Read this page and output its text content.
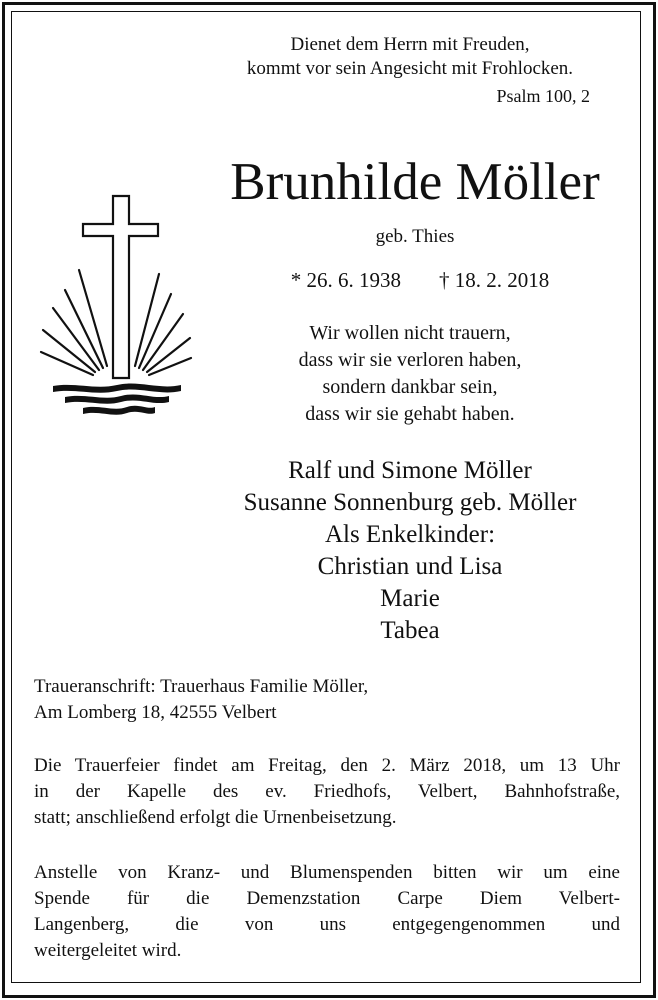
Dienet dem Herrn mit Freuden,
kommt vor sein Angesicht mit Frohlocken.
Psalm 100, 2
Brunhilde Möller
geb. Thies
* 26. 6. 1938 † 18. 2. 2018
Wir wollen nicht trauern,
dass wir sie verloren haben,
sondern dankbar sein,
dass wir sie gehabt haben.
Ralf und Simone Möller
Susanne Sonnenburg geb. Möller
Als Enkelkinder:
Christian und Lisa
Marie
Tabea
Traueranschrift: Trauerhaus Familie Möller,
Am Lomberg 18, 42555 Velbert
Die Trauerfeier findet am Freitag, den 2. März 2018, um 13 Uhr
in der Kapelle des ev. Friedhofs, Velbert, Bahnhofstraße,
statt; anschließend erfolgt die Urnenbeisetzung.
Anstelle von Kranz- und Blumenspenden bitten wir um eine
Spende für die Demenzstation Carpe Diem Velbert-
Langenberg, die von uns entgegengenommen und
weitergeleitet wird.
